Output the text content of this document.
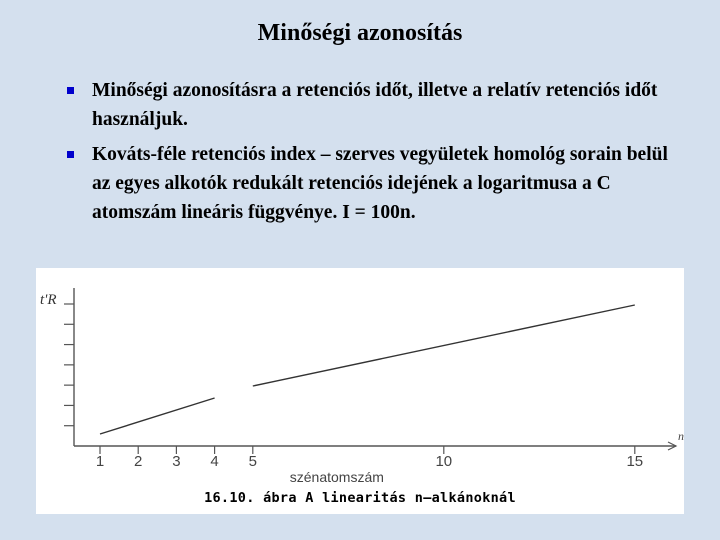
Minőségi azonosítás
Minőségi azonosításra a retenciós időt, illetve a relatív retenciós időt használjuk.
Kováts-féle retenciós index – szerves vegyületek homológ sorain belül az egyes alkotók redukált retenciós idejének a logaritmusa a C atomszám lineáris függvénye. I = 100n.
1 2 3 4 5	10	15
t'R
szénatomszám
n
16.10. ábra A linearitás n–alkánoknál
